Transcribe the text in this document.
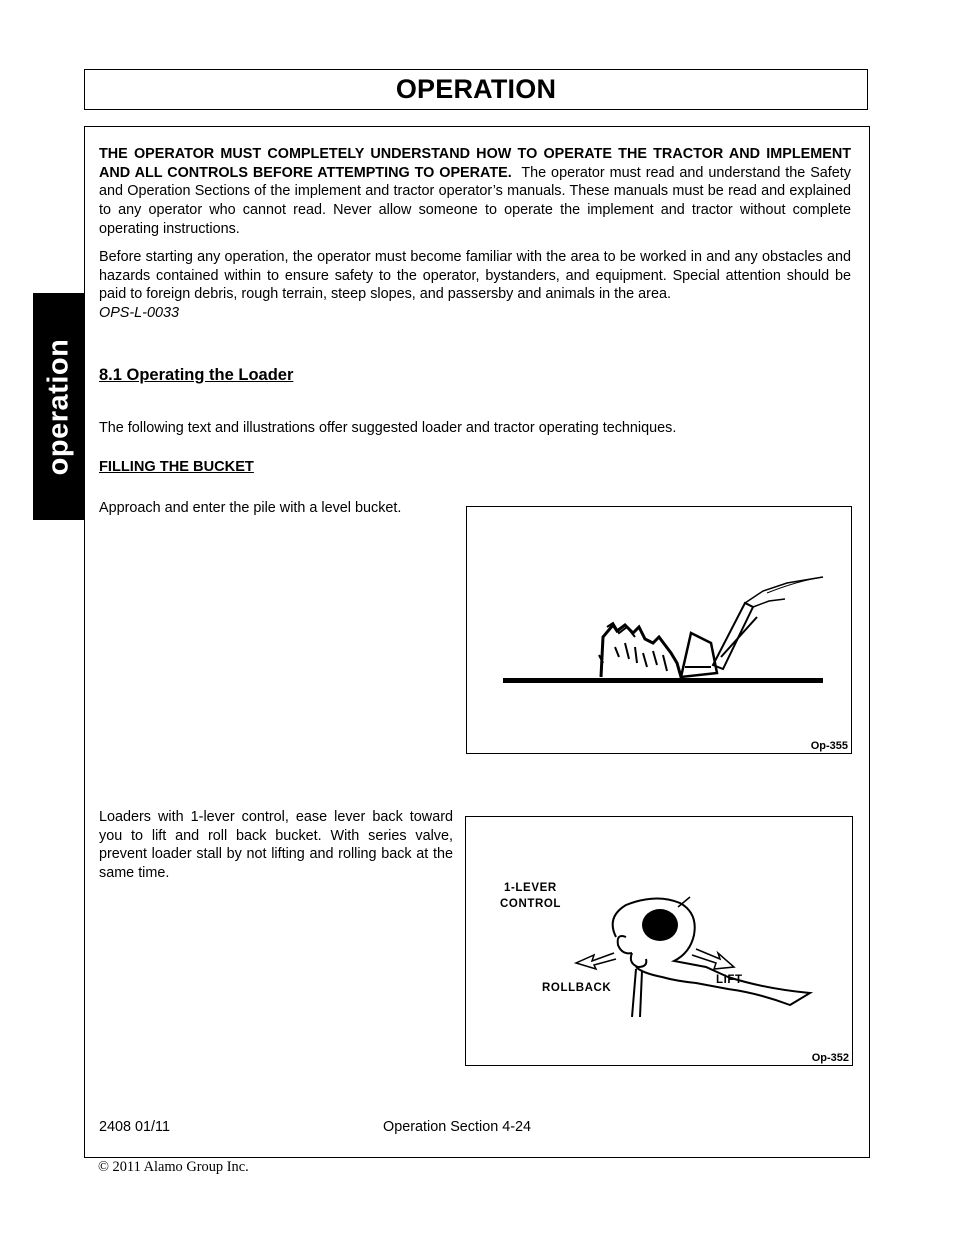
OPERATION
operation
THE OPERATOR MUST COMPLETELY UNDERSTAND HOW TO OPERATE THE TRACTOR AND IMPLEMENT AND ALL CONTROLS BEFORE ATTEMPTING TO OPERATE. The operator must read and understand the Safety and Operation Sections of the implement and tractor operator’s manuals. These manuals must be read and explained to any operator who cannot read. Never allow someone to operate the implement and tractor without complete operating instructions.
Before starting any operation, the operator must become familiar with the area to be worked in and any obstacles and hazards contained within to ensure safety to the operator, bystanders, and equipment. Special attention should be paid to foreign debris, rough terrain, steep slopes, and passersby and animals in the area.
OPS-L-0033
8.1 Operating the Loader
The following text and illustrations offer suggested loader and tractor operating techniques.
FILLING THE BUCKET
Approach and enter the pile with a level bucket.
Op-355
Loaders with 1-lever control, ease lever back toward you to lift and roll back bucket. With series valve, prevent loader stall by not lifting and rolling back at the same time.
1-LEVER
CONTROL
ROLLBACK
LIFT
Op-352
2408 01/11	Operation Section 4-24
© 2011 Alamo Group Inc.
